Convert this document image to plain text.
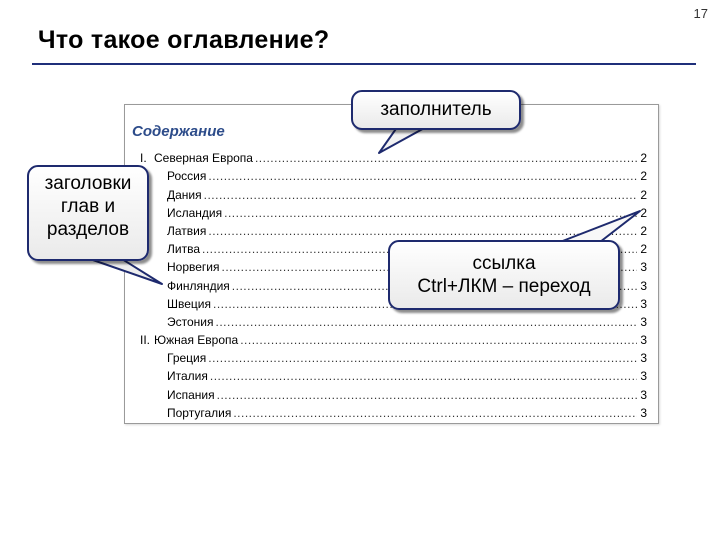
17
Что такое оглавление?
Содержание
I. Северная Европа .....	2
Россия .....	2
Дания .....	2
Исландия .....	2
Латвия .....	2
Литва .....	2
Норвегия .....	3
Финляндия .....	3
Швеция .....	3
Эстония .....	3
II. Южная Европа .....	3
Греция .....	3
Италия .....	3
Испания .....	3
Португалия .....	3
заполнитель
заголовки
глав и
разделов
ссылка
Ctrl+ЛКМ – переход
